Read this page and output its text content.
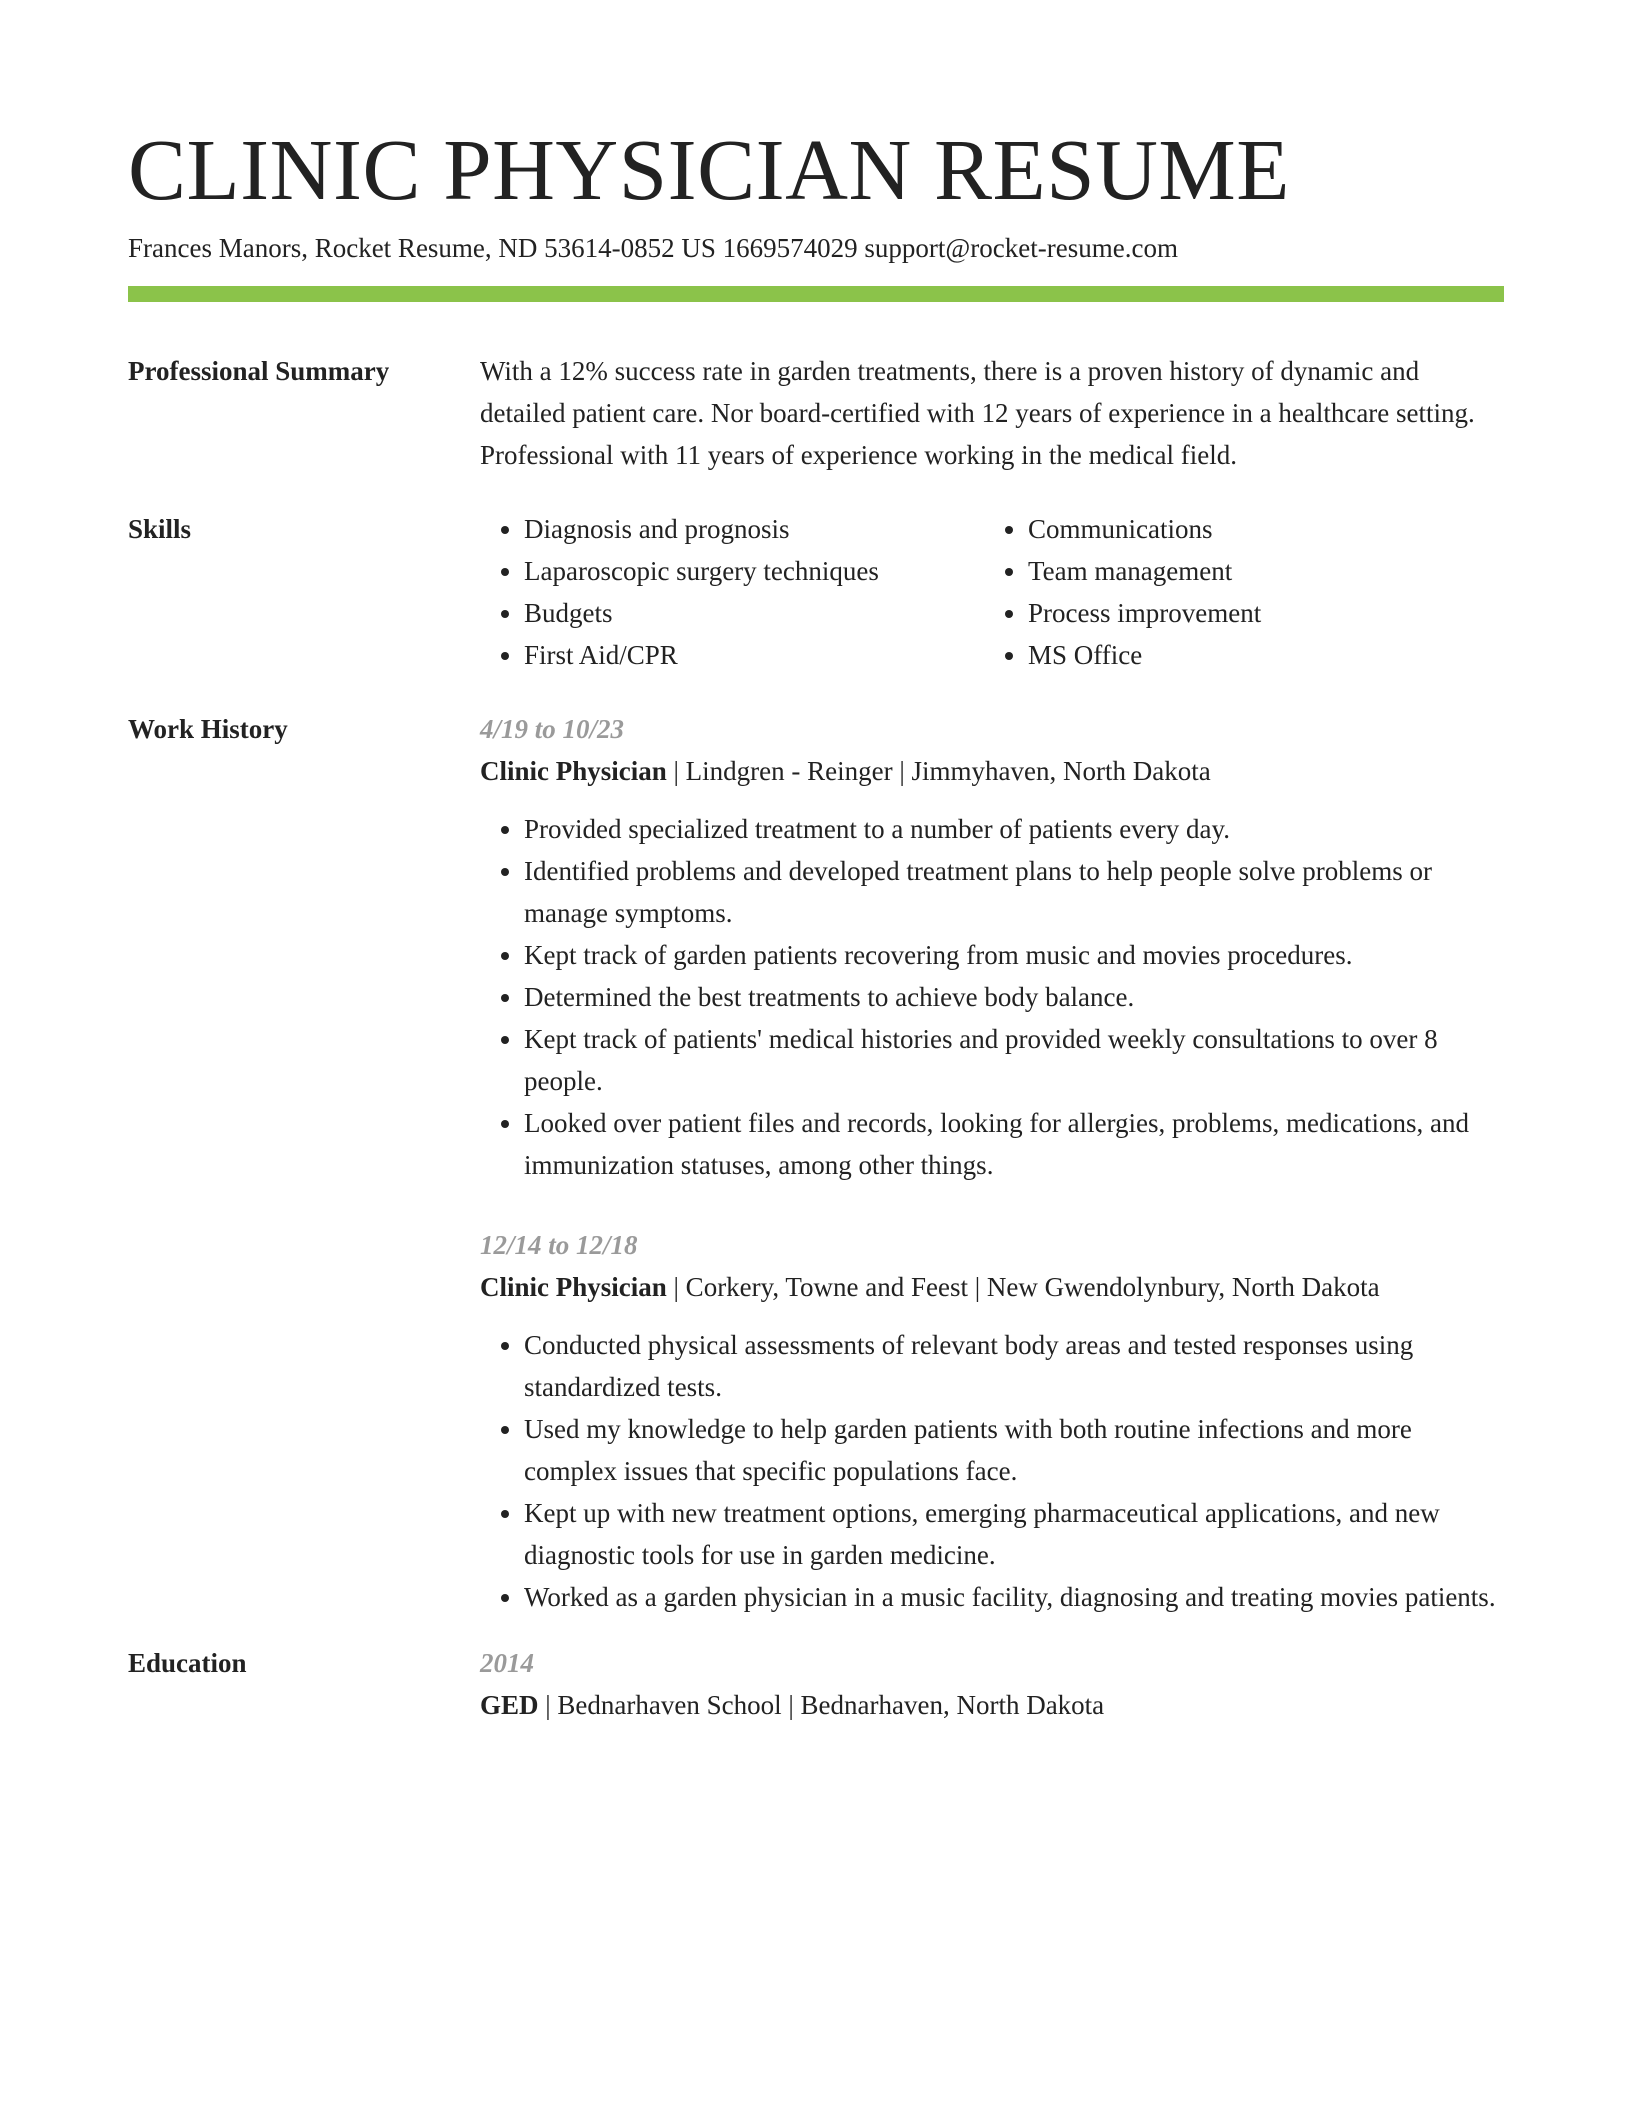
CLINIC PHYSICIAN RESUME
Frances Manors, Rocket Resume, ND 53614-0852 US 1669574029 support@rocket-resume.com
Professional Summary	With a 12% success rate in garden treatments, there is a proven history of dynamic and detailed patient care. Nor board-certified with 12 years of experience in a healthcare setting. Professional with 11 years of experience working in the medical field.
Skills
•	Diagnosis and prognosis
• Laparoscopic surgery techniques
• Budgets
• First Aid/CPR
• Communications
• Team management
• Process improvement
• MS Office
Work History	4/19 to 10/23
Clinic Physician | Lindgren - Reinger | Jimmyhaven, North Dakota
• Provided specialized treatment to a number of patients every day.
• Identified problems and developed treatment plans to help people solve problems or manage symptoms.
• Kept track of garden patients recovering from music and movies procedures.
• Determined the best treatments to achieve body balance.
• Kept track of patients' medical histories and provided weekly consultations to over 8 people.
• Looked over patient files and records, looking for allergies, problems, medications, and immunization statuses, among other things.
12/14 to 12/18
Clinic Physician | Corkery, Towne and Feest | New Gwendolynbury, North Dakota
• Conducted physical assessments of relevant body areas and tested responses using standardized tests.
• Used my knowledge to help garden patients with both routine infections and more complex issues that specific populations face.
• Kept up with new treatment options, emerging pharmaceutical applications, and new diagnostic tools for use in garden medicine.
• Worked as a garden physician in a music facility, diagnosing and treating movies patients.
Education	2014
GED | Bednarhaven School | Bednarhaven, North Dakota
